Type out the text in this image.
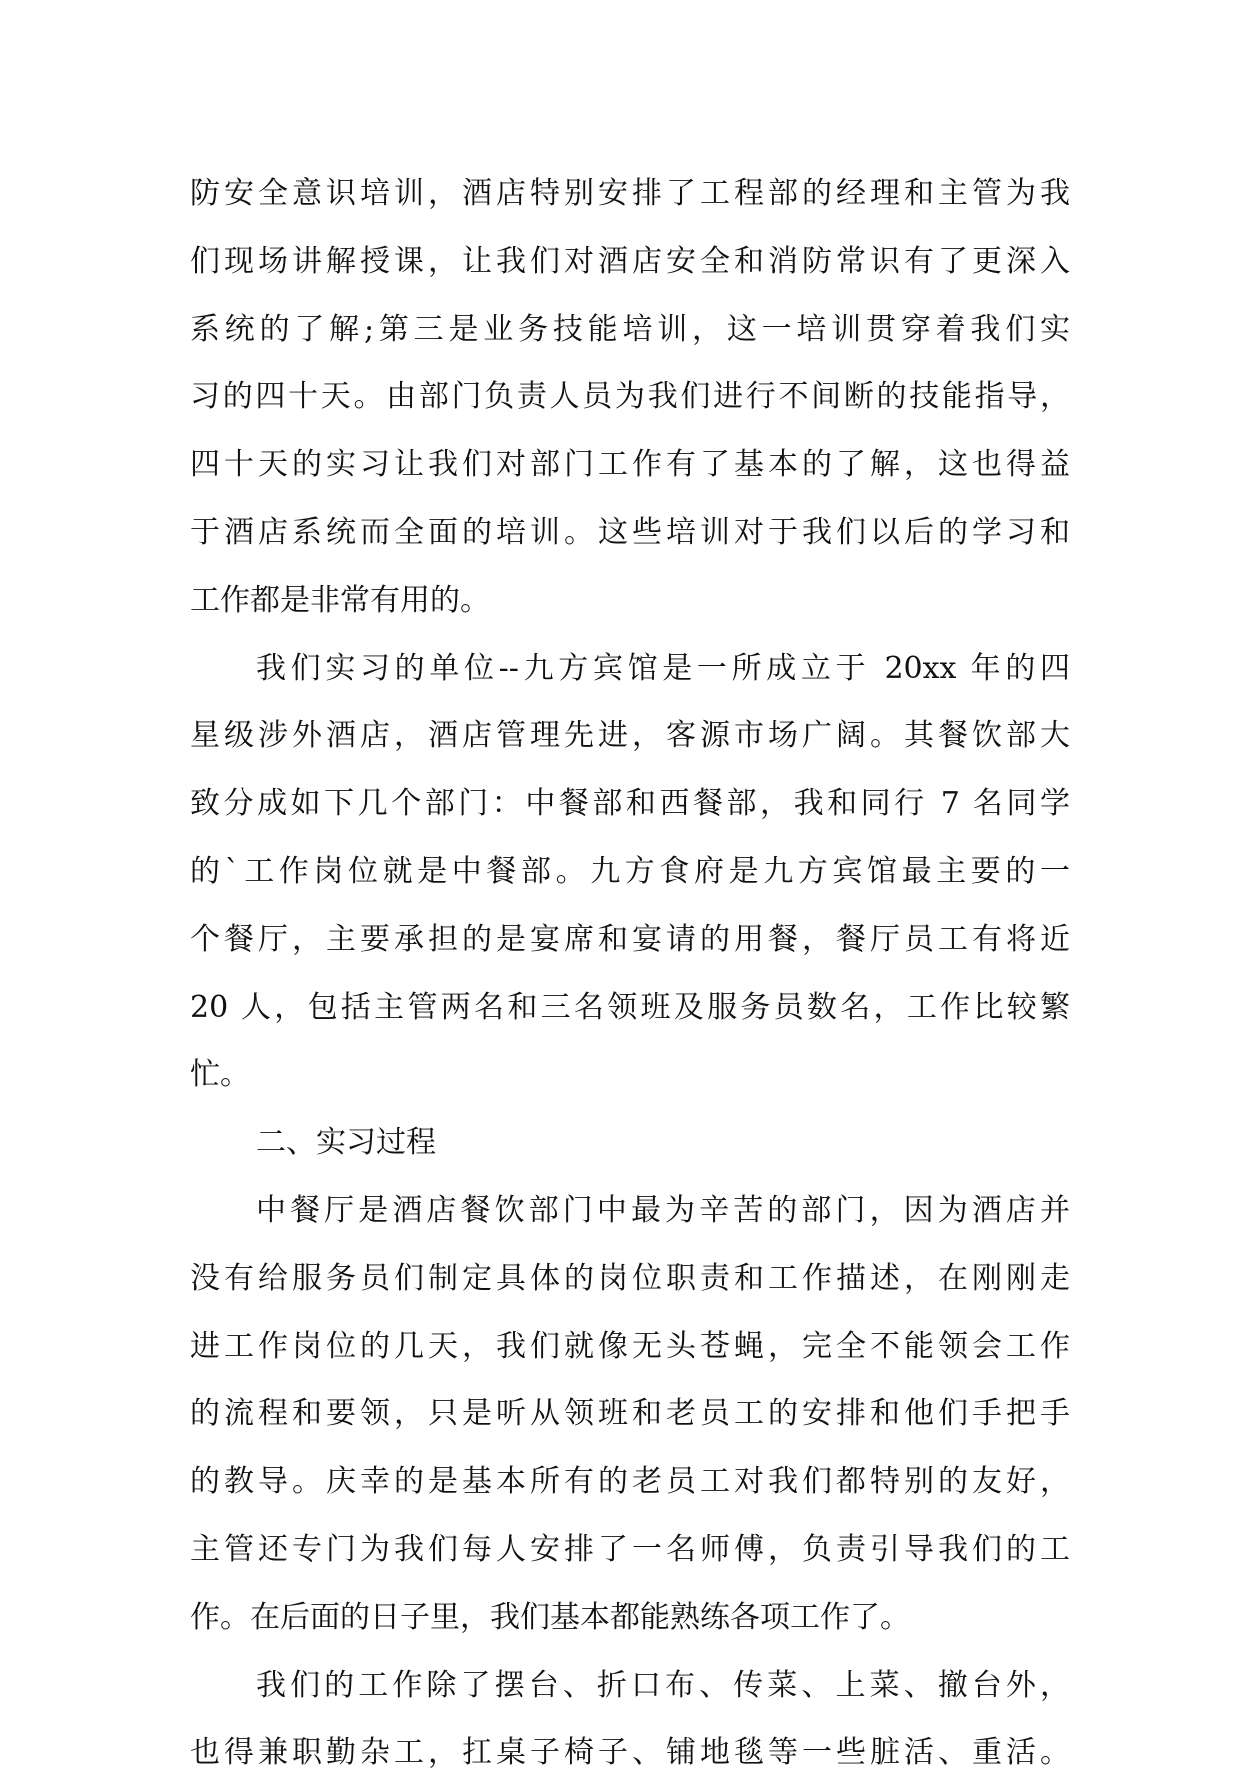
防安全意识培训，酒店特别安排了工程部的经理和主管为我
们现场讲解授课，让我们对酒店安全和消防常识有了更深入
系统的了解;第三是业务技能培训，这一培训贯穿着我们实
习的四十天。由部门负责人员为我们进行不间断的技能指导，
四十天的实习让我们对部门工作有了基本的了解，这也得益
于酒店系统而全面的培训。这些培训对于我们以后的学习和
工作都是非常有用的。
我们实习的单位--九方宾馆是一所成立于 20xx 年的四
星级涉外酒店，酒店管理先进，客源市场广阔。其餐饮部大
致分成如下几个部门：中餐部和西餐部，我和同行 7 名同学
的`工作岗位就是中餐部。九方食府是九方宾馆最主要的一
个餐厅，主要承担的是宴席和宴请的用餐，餐厅员工有将近
20 人，包括主管两名和三名领班及服务员数名，工作比较繁
忙。
二、实习过程
中餐厅是酒店餐饮部门中最为辛苦的部门，因为酒店并
没有给服务员们制定具体的岗位职责和工作描述，在刚刚走
进工作岗位的几天，我们就像无头苍蝇，完全不能领会工作
的流程和要领，只是听从领班和老员工的安排和他们手把手
的教导。庆幸的是基本所有的老员工对我们都特别的友好，
主管还专门为我们每人安排了一名师傅，负责引导我们的工
作。在后面的日子里，我们基本都能熟练各项工作了。
我们的工作除了摆台、折口布、传菜、上菜、撤台外，
也得兼职勤杂工，扛桌子椅子、铺地毯等一些脏活、重活。
